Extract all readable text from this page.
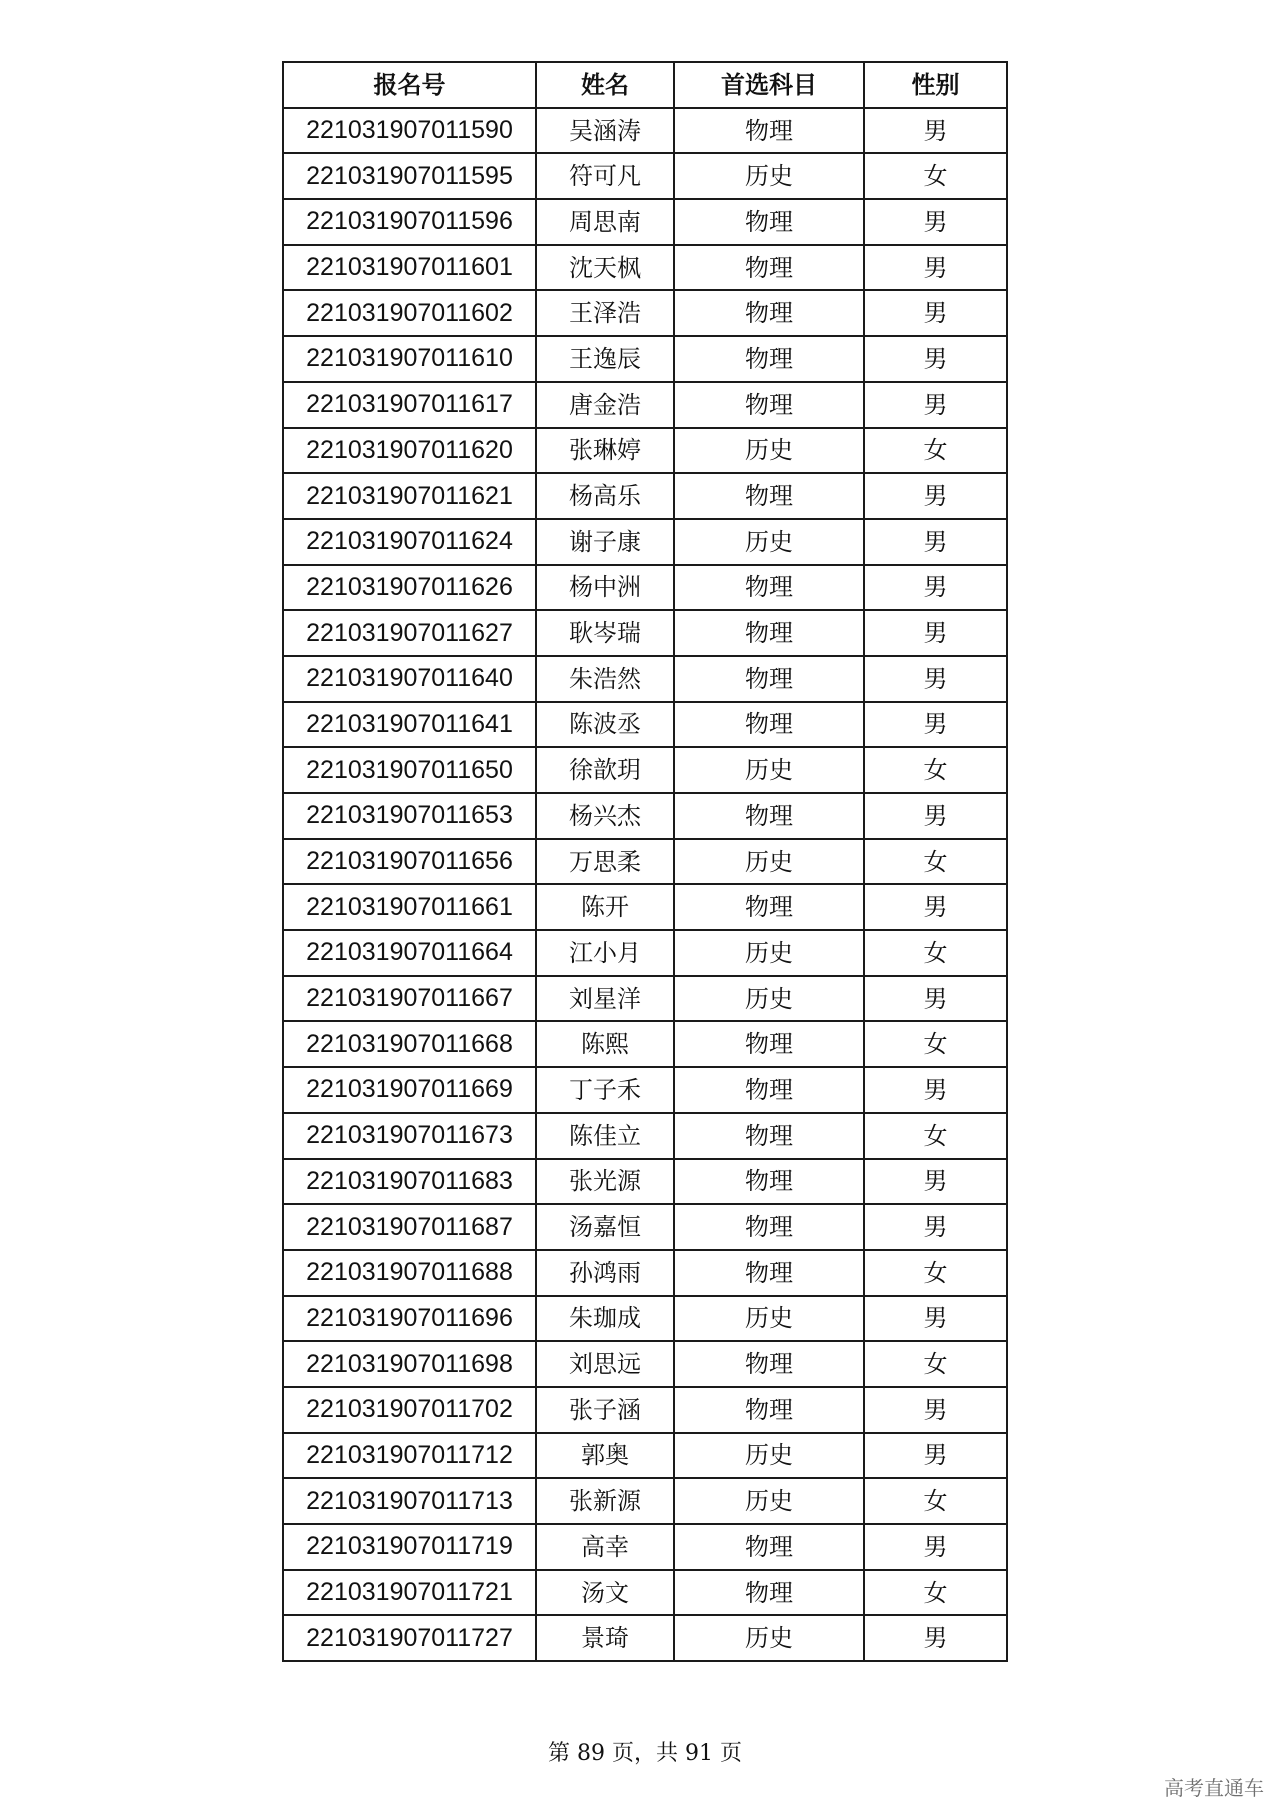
报名号	姓名	首选科目	性别
221031907011590	吴涵涛	物理	男
221031907011595	符可凡	历史	女
221031907011596	周思南	物理	男
221031907011601	沈天枫	物理	男
221031907011602	王泽浩	物理	男
221031907011610	王逸辰	物理	男
221031907011617	唐金浩	物理	男
221031907011620	张琳婷	历史	女
221031907011621	杨高乐	物理	男
221031907011624	谢子康	历史	男
221031907011626	杨中洲	物理	男
221031907011627	耿岑瑞	物理	男
221031907011640	朱浩然	物理	男
221031907011641	陈波丞	物理	男
221031907011650	徐歆玥	历史	女
221031907011653	杨兴杰	物理	男
221031907011656	万思柔	历史	女
221031907011661	陈开	物理	男
221031907011664	江小月	历史	女
221031907011667	刘星洋	历史	男
221031907011668	陈熙	物理	女
221031907011669	丁子禾	物理	男
221031907011673	陈佳立	物理	女
221031907011683	张光源	物理	男
221031907011687	汤嘉恒	物理	男
221031907011688	孙鸿雨	物理	女
221031907011696	朱珈成	历史	男
221031907011698	刘思远	物理	女
221031907011702	张子涵	物理	男
221031907011712	郭奥	历史	男
221031907011713	张新源	历史	女
221031907011719	高幸	物理	男
221031907011721	汤文	物理	女
221031907011727	景琦	历史	男
第 89 页，共 91 页
高考直通车
